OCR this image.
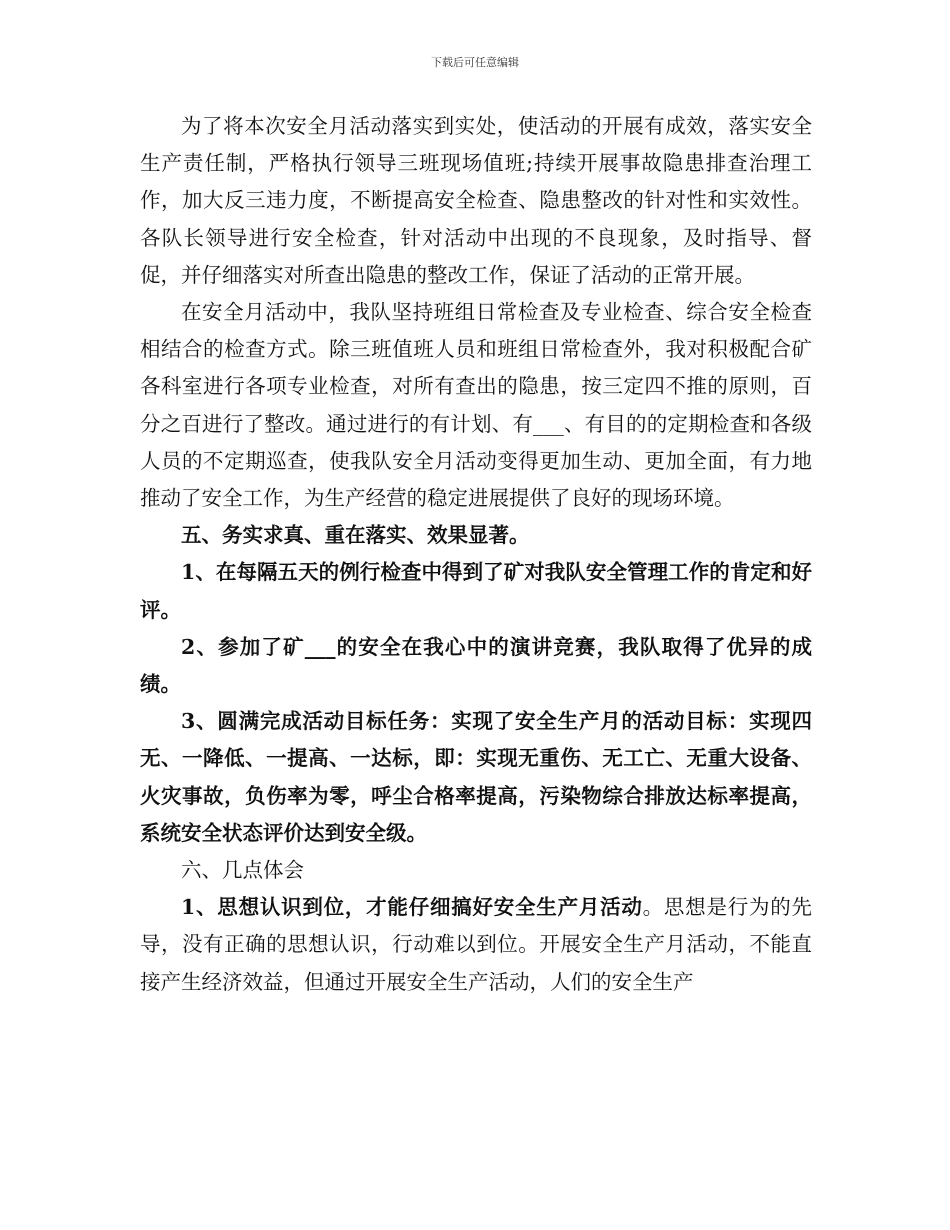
下载后可任意编辑

为了将本次安全月活动落实到实处，使活动的开展有成效，落实安全生产责任制，严格执行领导三班现场值班;持续开展事故隐患排查治理工作，加大反三违力度，不断提高安全检查、隐患整改的针对性和实效性。各队长领导进行安全检查，针对活动中出现的不良现象，及时指导、督促，并仔细落实对所查出隐患的整改工作，保证了活动的正常开展。

在安全月活动中，我队坚持班组日常检查及专业检查、综合安全检查相结合的检查方式。除三班值班人员和班组日常检查外，我对积极配合矿各科室进行各项专业检查，对所有查出的隐患，按三定四不推的原则，百分之百进行了整改。通过进行的有计划、有___、有目的的定期检查和各级人员的不定期巡查，使我队安全月活动变得更加生动、更加全面，有力地推动了安全工作，为生产经营的稳定进展提供了良好的现场环境。

五、务实求真、重在落实、效果显著。

1、在每隔五天的例行检查中得到了矿对我队安全管理工作的肯定和好评。

2、参加了矿___的安全在我心中的演讲竞赛，我队取得了优异的成绩。

3、圆满完成活动目标任务：实现了安全生产月的活动目标：实现四无、一降低、一提高、一达标，即：实现无重伤、无工亡、无重大设备、火灾事故，负伤率为零，呼尘合格率提高，污染物综合排放达标率提高，系统安全状态评价达到安全级。

六、几点体会

1、思想认识到位，才能仔细搞好安全生产月活动。思想是行为的先导，没有正确的思想认识，行动难以到位。开展安全生产月活动，不能直接产生经济效益，但通过开展安全生产活动，人们的安全生产
